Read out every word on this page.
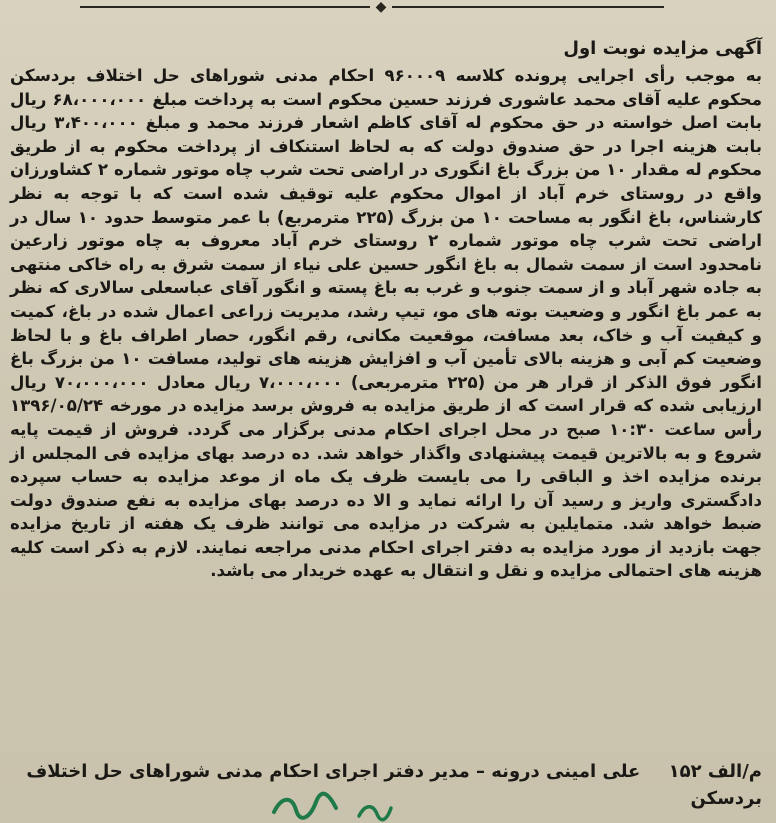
◆
آگهی مزایده نوبت اول

به موجب رأی اجرایی پرونده کلاسه ۹۶۰۰۰۹ احکام مدنی شوراهای حل اختلاف بردسکن محکوم علیه آقای محمد عاشوری فرزند حسین محکوم است به پرداخت مبلغ ۶۸،۰۰۰،۰۰۰ ریال بابت اصل خواسته در حق محکوم له آقای کاظم اشعار فرزند محمد و مبلغ ۳،۴۰۰،۰۰۰ ریال بابت هزینه اجرا در حق صندوق دولت که به لحاظ استنکاف از پرداخت محکوم به از طریق محکوم له مقدار ۱۰ من بزرگ باغ انگوری در اراضی تحت شرب چاه موتور شماره ۲ کشاورزان واقع در روستای خرم آباد از اموال محکوم علیه توقیف شده است که با توجه به نظر کارشناس، باغ انگور به مساحت ۱۰ من بزرگ (۲۲۵ مترمربع) با عمر متوسط حدود ۱۰ سال در اراضی تحت شرب چاه موتور شماره ۲ روستای خرم آباد معروف به چاه موتور زارعین نامحدود است از سمت شمال به باغ انگور حسین علی نیاء از سمت شرق به راه خاکی منتهی به جاده شهر آباد و از سمت جنوب و غرب به باغ پسته و انگور آقای عباسعلی سالاری که نظر به عمر باغ انگور و وضعیت بوته های مو، تیپ رشد، مدیریت زراعی اعمال شده در باغ، کمیت و کیفیت آب و خاک، بعد مسافت، موقعیت مکانی، رقم انگور، حصار اطراف باغ و با لحاظ وضعیت کم آبی و هزینه بالای تأمین آب و افزایش هزینه های تولید، مسافت ۱۰ من بزرگ باغ انگور فوق الذکر از قرار هر من (۲۲۵ مترمربعی) ۷،۰۰۰،۰۰۰ ریال معادل ۷۰،۰۰۰،۰۰۰ ریال ارزیابی شده که قرار است که از طریق مزایده به فروش برسد مزایده در مورخه ۱۳۹۶/۰۵/۲۴ رأس ساعت ۱۰:۳۰ صبح در محل اجرای احکام مدنی برگزار می گردد. فروش از قیمت پایه شروع و به بالاترین قیمت پیشنهادی واگذار خواهد شد. ده درصد بهای مزایده فی المجلس از برنده مزایده اخذ و الباقی را می بایست ظرف یک ماه از موعد مزایده به حساب سپرده دادگستری واریز و رسید آن را ارائه نماید و الا ده درصد بهای مزایده به نفع صندوق دولت ضبط خواهد شد. متمایلین به شرکت در مزایده می توانند ظرف یک هفته از تاریخ مزایده جهت بازدید از مورد مزایده به دفتر اجرای احکام مدنی مراجعه نمایند. لازم به ذکر است کلیه هزینه های احتمالی مزایده و نقل و انتقال به عهده خریدار می باشد.

م/الف ۱۵۲ علی امینی درونه – مدیر دفتر اجرای احکام مدنی شوراهای حل اختلاف بردسکن
